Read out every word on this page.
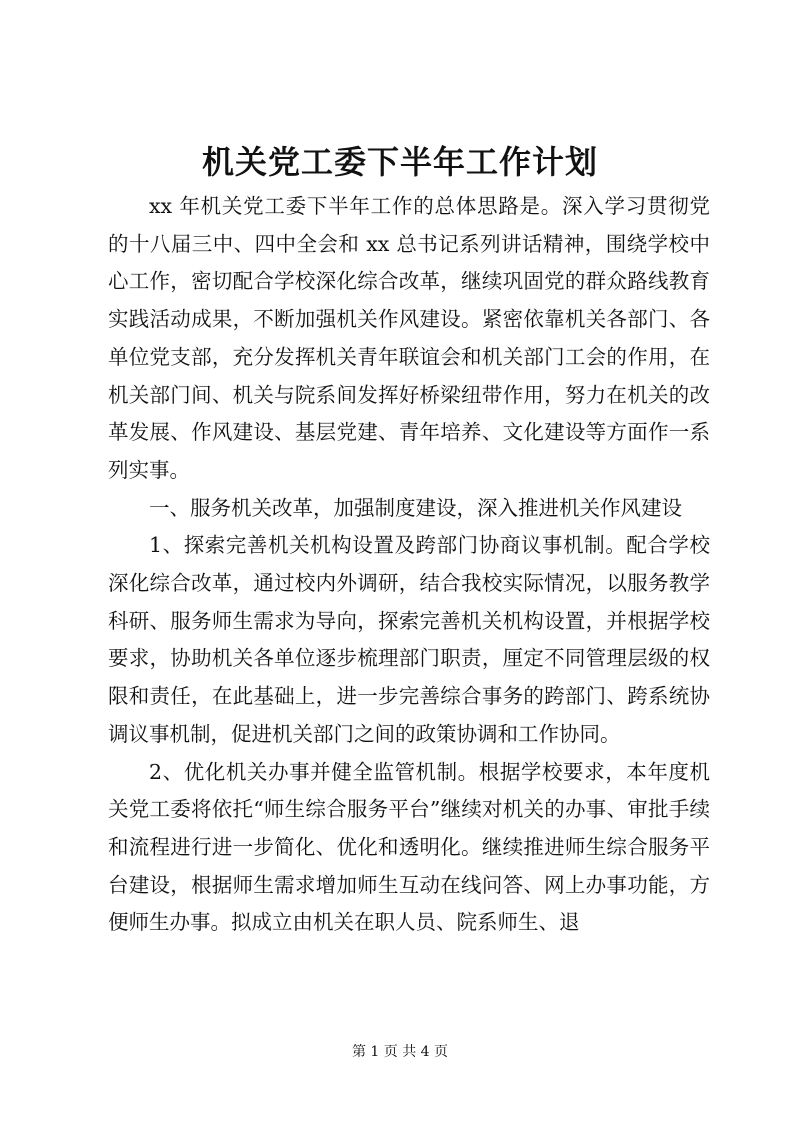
机关党工委下半年工作计划

xx 年机关党工委下半年工作的总体思路是。深入学习贯彻党的十八届三中、四中全会和 xx 总书记系列讲话精神，围绕学校中心工作，密切配合学校深化综合改革，继续巩固党的群众路线教育实践活动成果，不断加强机关作风建设。紧密依靠机关各部门、各单位党支部，充分发挥机关青年联谊会和机关部门工会的作用，在机关部门间、机关与院系间发挥好桥梁纽带作用，努力在机关的改革发展、作风建设、基层党建、青年培养、文化建设等方面作一系列实事。

一、服务机关改革，加强制度建设，深入推进机关作风建设

1、探索完善机关机构设置及跨部门协商议事机制。配合学校深化综合改革，通过校内外调研，结合我校实际情况，以服务教学科研、服务师生需求为导向，探索完善机关机构设置，并根据学校要求，协助机关各单位逐步梳理部门职责，厘定不同管理层级的权限和责任，在此基础上，进一步完善综合事务的跨部门、跨系统协调议事机制，促进机关部门之间的政策协调和工作协同。

2、优化机关办事并健全监管机制。根据学校要求，本年度机关党工委将依托“师生综合服务平台”继续对机关的办事、审批手续和流程进行进一步简化、优化和透明化。继续推进师生综合服务平台建设，根据师生需求增加师生互动在线问答、网上办事功能，方便师生办事。拟成立由机关在职人员、院系师生、退

第 1 页 共 4 页
